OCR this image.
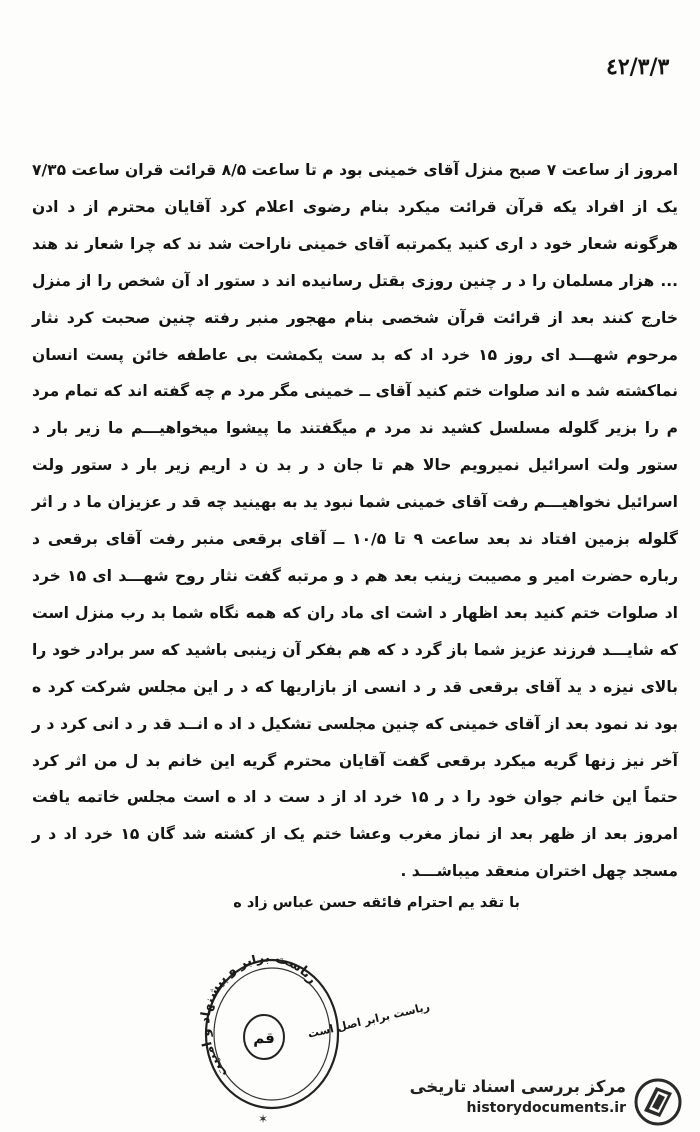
٤٢/٣/٣

امروز از ساعت ۷ صبح منزل آقای خمینی بود م تا ساعت ۸/۵ قرائت قران ساعت ۷/۳۵ یک از افراد یکه قرآن قرائت میکرد بنام رضوی اعلام کرد آقایان محترم از د ادن هرگونه شعار خود د اری کنید یکمرتبه آقای خمینی ناراحت شد ند که چرا شعار ند هند ... هزار مسلمان را د ر چنین روزی بقتل رسانیده اند د ستور اد آن شخص را از منزل خارج کنند بعد از قرائت قرآن شخصی بنام مهجور منبر رفته چنین صحبت کرد نثار مرحوم شهـــد ای روز ۱۵ خرد اد که بد ست یکمشت بی عاطفه خائن پست انسان نماکشته شد ه اند صلوات ختم کنید آقای ــ خمینی مگر مرد م چه گفته اند که تمام مرد م را بزیر گلوله مسلسل کشید ند مرد م میگفتند ما پیشوا میخواهیـــم ما زیر بار د ستور ولت اسرائیل نمیرویم حالا هم تا جان د ر بد ن د اریم زیر بار د ستور ولت اسرائیل نخواهیـــم رفت آقای خمینی شما نبود ید به بهینید چه قد ر عزیزان ما د ر اثر گلوله بزمین افتاد ند بعد ساعت ۹ تا ۱۰/۵ ــ آقای برقعی منبر رفت آقای برقعی د رباره حضرت امیر و مصیبت زینب بعد هم د و مرتبه گفت نثار روح شهـــد ای ۱۵ خرد اد صلوات ختم کنید بعد اظهار د اشت ای ماد ران که همه نگاه شما بد رب منزل است که شایـــد فرزند عزیز شما باز گرد د که هم بفکر آن زینبی باشید که سر برادر خود را بالای نیزه د ید آقای برقعی قد ر د انسی از بازاریها که د ر این مجلس شرکت کرد ه بود ند نمود بعد از آقای خمینی که چنین مجلسی تشکیل د اد ه انــد قد ر د انی کرد د ر آخر نیز زنها گریه میکرد برقعی گفت آقایان محترم گریه این خانم بد ل من اثر کرد حتماً این خانم جوان خود را د ر ۱۵ خرد اد از د ست د اد ه است مجلس خاتمه یافت امروز بعد از ظهر بعد از نماز مغرب وعشا ختم یک از کشته شد گان ۱۵ خرد اد د ر مسجد چهل اختران منعقد میباشـــد .

با تقد یم احترام فائقه حسن عباس زاد ه
ریاست برابر و پیشنهاد و امنیت
قم	ریاست برابر اصل است
✶
مرکز بررسی اسناد تاریخی
historydocuments.ir
